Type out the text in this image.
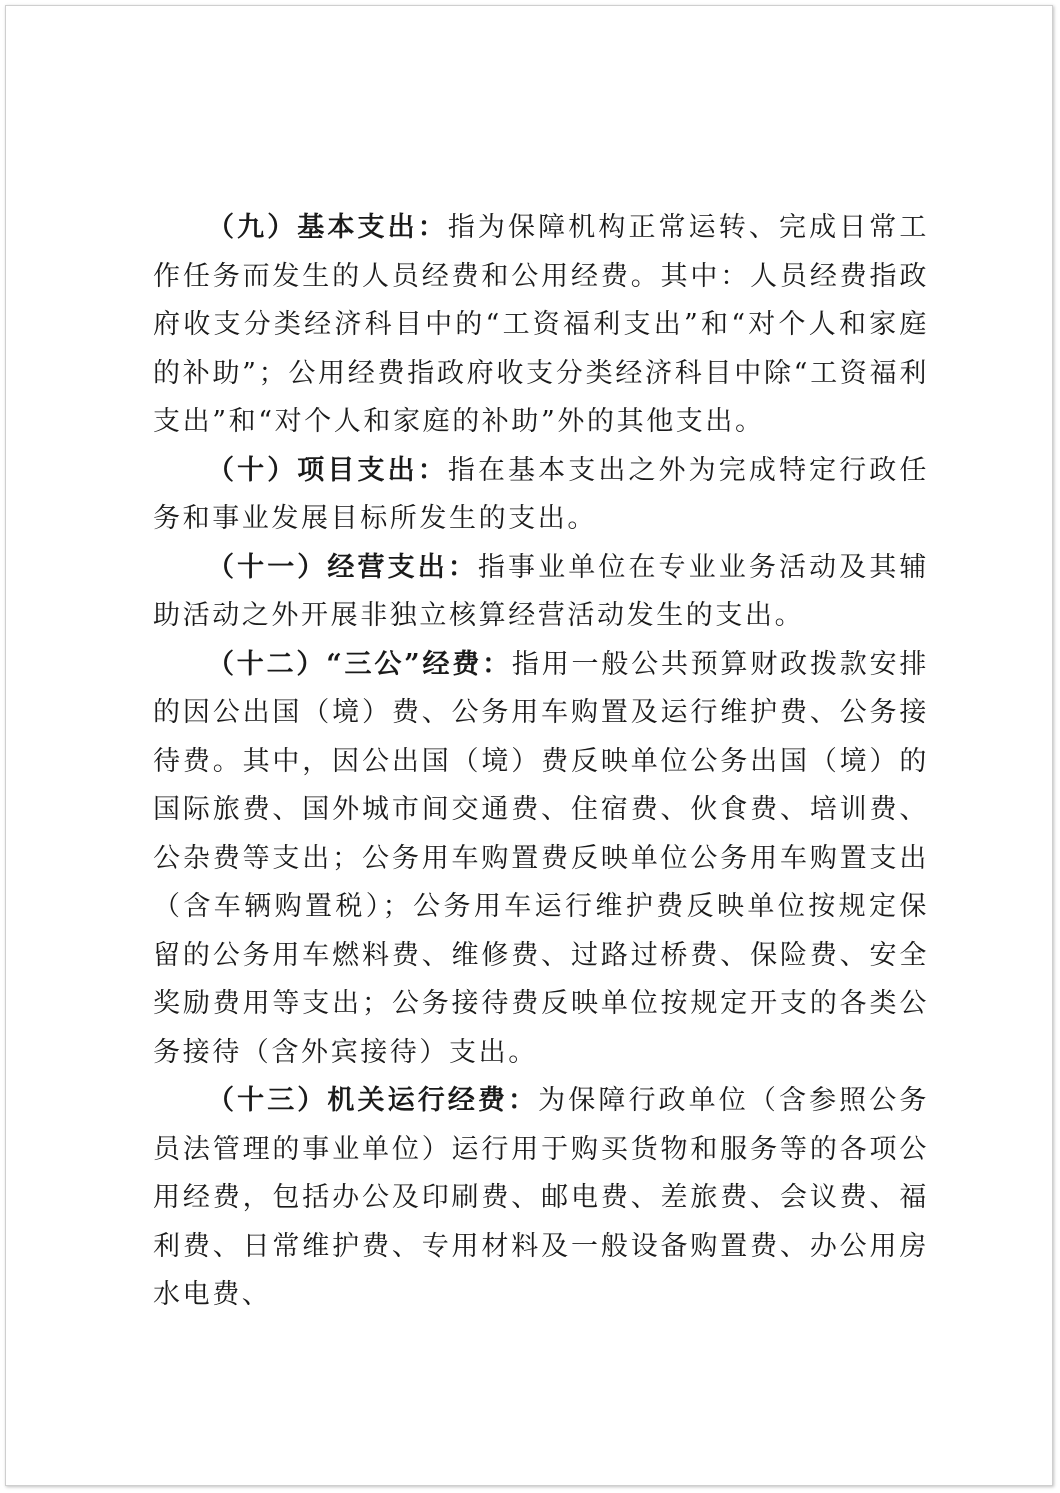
（九）基本支出：指为保障机构正常运转、完成日常工作任务而发生的人员经费和公用经费。其中：人员经费指政府收支分类经济科目中的“工资福利支出”和“对个人和家庭的补助”；公用经费指政府收支分类经济科目中除“工资福利支出”和“对个人和家庭的补助”外的其他支出。

（十）项目支出：指在基本支出之外为完成特定行政任务和事业发展目标所发生的支出。

（十一）经营支出：指事业单位在专业业务活动及其辅助活动之外开展非独立核算经营活动发生的支出。

（十二）“三公”经费：指用一般公共预算财政拨款安排的因公出国（境）费、公务用车购置及运行维护费、公务接待费。其中，因公出国（境）费反映单位公务出国（境）的国际旅费、国外城市间交通费、住宿费、伙食费、培训费、公杂费等支出；公务用车购置费反映单位公务用车购置支出（含车辆购置税）；公务用车运行维护费反映单位按规定保留的公务用车燃料费、维修费、过路过桥费、保险费、安全奖励费用等支出；公务接待费反映单位按规定开支的各类公务接待（含外宾接待）支出。

（十三）机关运行经费：为保障行政单位（含参照公务员法管理的事业单位）运行用于购买货物和服务等的各项公用经费，包括办公及印刷费、邮电费、差旅费、会议费、福利费、日常维护费、专用材料及一般设备购置费、办公用房水电费、
